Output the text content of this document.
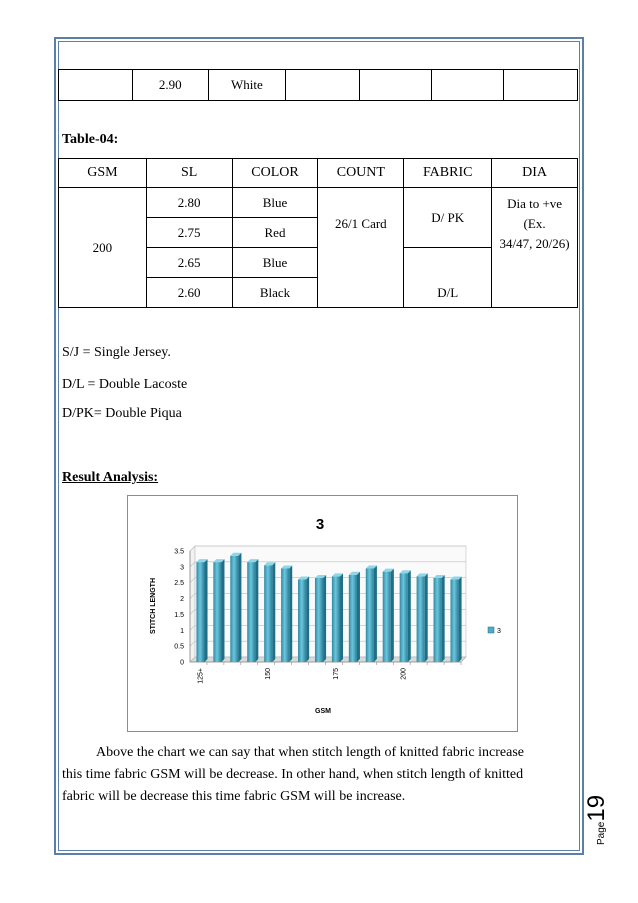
	2.90	White				
Table-04:
GSM	SL	COLOR	COUNT	FABRIC	DIA
200	2.80	Blue	26/1 Card	D/ PK	Dia to +ve
(Ex.
34/47, 20/26)

	2.75	Red			
	2.65	Blue		D/L	
	2.60	Black			
S/J = Single Jersey.
D/L = Double Lacoste
D/PK= Double Piqua
Result Analysis:
3
STITCH LENGTH
GSM
0
0.5
1
1.5
2
2.5
3
3.5
125+	150	175	200
3
Above the chart we can say that when stitch length of knitted fabric increase
this time fabric GSM will be decrease. In other hand, when stitch length of knitted
fabric will be decrease this time fabric GSM will be increase.
Page19
